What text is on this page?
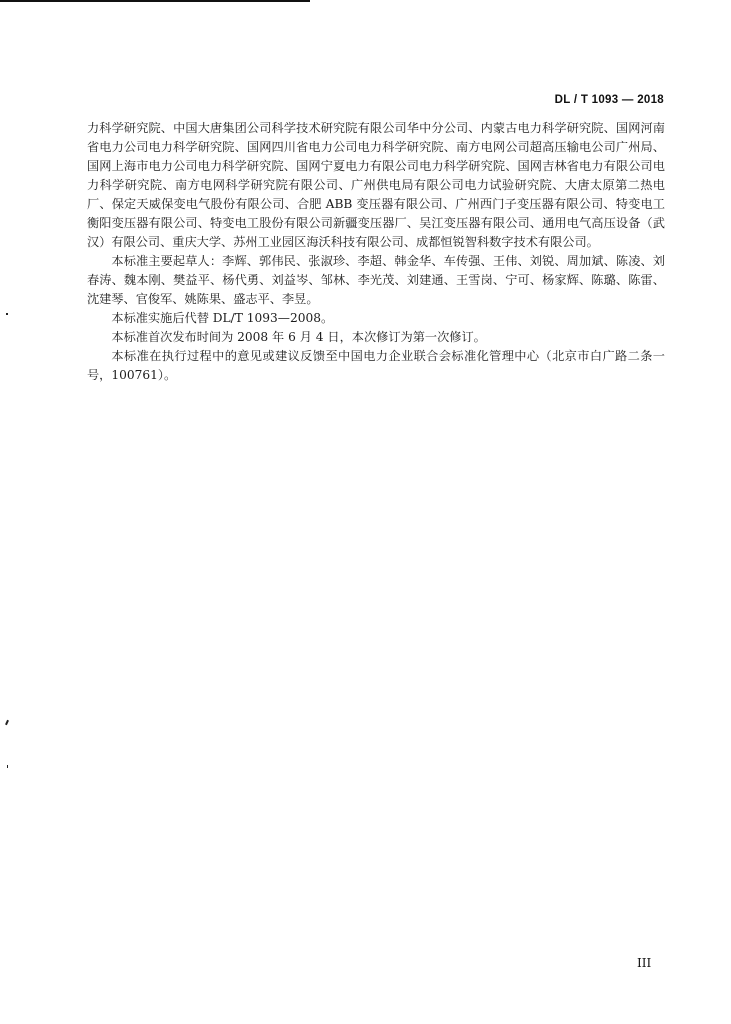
DL / T 1093 — 2018

力科学研究院、中国大唐集团公司科学技术研究院有限公司华中分公司、内蒙古电力科学研究院、国网河南省电力公司电力科学研究院、国网四川省电力公司电力科学研究院、南方电网公司超高压输电公司广州局、国网上海市电力公司电力科学研究院、国网宁夏电力有限公司电力科学研究院、国网吉林省电力有限公司电力科学研究院、南方电网科学研究院有限公司、广州供电局有限公司电力试验研究院、大唐太原第二热电厂、保定天威保变电气股份有限公司、合肥 ABB 变压器有限公司、广州西门子变压器有限公司、特变电工衡阳变压器有限公司、特变电工股份有限公司新疆变压器厂、吴江变压器有限公司、通用电气高压设备（武汉）有限公司、重庆大学、苏州工业园区海沃科技有限公司、成都恒锐智科数字技术有限公司。

本标准主要起草人：李辉、郭伟民、张淑珍、李超、韩金华、车传强、王伟、刘锐、周加斌、陈凌、刘春涛、魏本刚、樊益平、杨代勇、刘益岑、邹林、李光茂、刘建通、王雪岗、宁可、杨家辉、陈璐、陈雷、沈建琴、官俊军、姚陈果、盛志平、李昱。

本标准实施后代替 DL/T 1093—2008。

本标准首次发布时间为 2008 年 6 月 4 日，本次修订为第一次修订。

本标准在执行过程中的意见或建议反馈至中国电力企业联合会标准化管理中心（北京市白广路二条一号，100761）。

III
